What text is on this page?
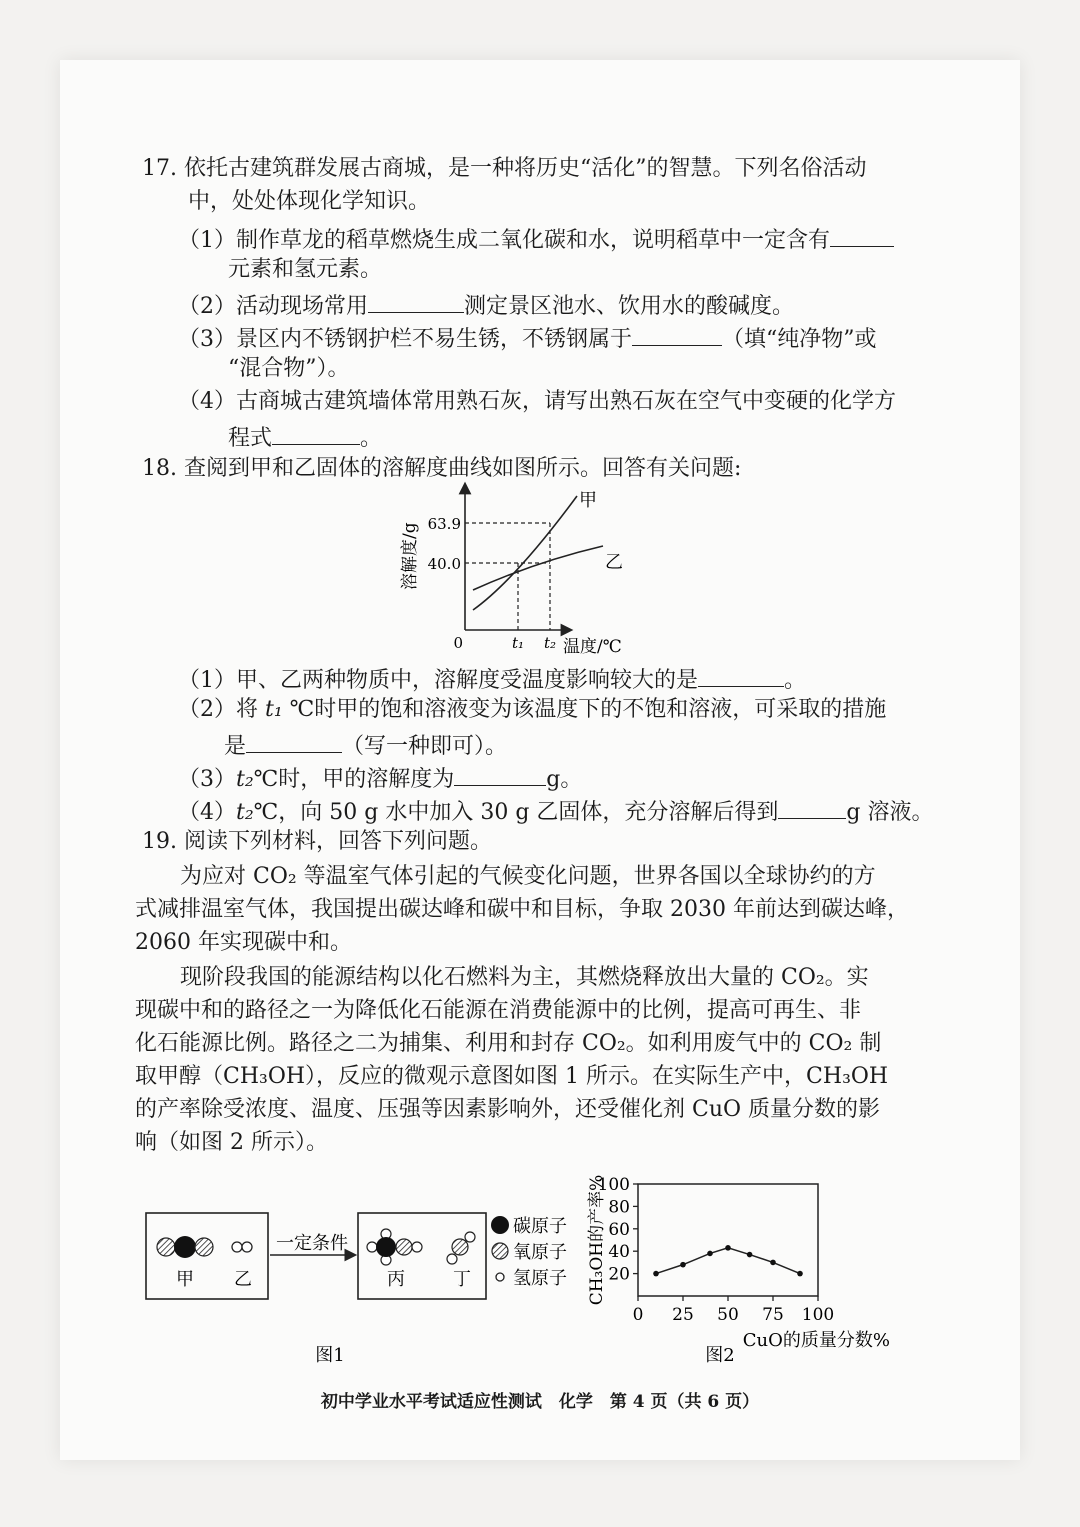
17. 依托古建筑群发展古商城，是一种将历史“活化”的智慧。下列名俗活动
中，处处体现化学知识。
（1）制作草龙的稻草燃烧生成二氧化碳和水，说明稻草中一定含有
元素和氢元素。
（2）活动现场常用	测定景区池水、饮用水的酸碱度。
（3）景区内不锈钢护栏不易生锈，不锈钢属于	（填“纯净物”或
“混合物”）。
（4）古商城古建筑墙体常用熟石灰，请写出熟石灰在空气中变硬的化学方
程式	。
18. 查阅到甲和乙固体的溶解度曲线如图所示。回答有关问题:
63.9
40.0
0	t₁ t₂ 温度/℃
溶解度/g
甲
乙
（1）甲、乙两种物质中，溶解度受温度影响较大的是	。
（2）将 t₁ ℃时甲的饱和溶液变为该温度下的不饱和溶液，可采取的措施
是	（写一种即可）。
（3）t₂℃时，甲的溶解度为	g。
（4）t₂℃，向 50 g 水中加入 30 g 乙固体，充分溶解后得到	g 溶液。
19. 阅读下列材料，回答下列问题。
为应对 CO₂ 等温室气体引起的气候变化问题，世界各国以全球协约的方
式减排温室气体，我国提出碳达峰和碳中和目标，争取 2030 年前达到碳达峰，
2060 年实现碳中和。
现阶段我国的能源结构以化石燃料为主，其燃烧释放出大量的 CO₂。实
现碳中和的路径之一为降低化石能源在消费能源中的比例，提高可再生、非
化石能源比例。路径之二为捕集、利用和封存 CO₂。如利用废气中的 CO₂ 制
取甲醇（CH₃OH），反应的微观示意图如图 1 所示。在实际生产中，CH₃OH
的产率除受浓度、温度、压强等因素影响外，还受催化剂 CuO 质量分数的影
响（如图 2 所示）。
甲 乙
一定条件
丙	丁
碳原子
氧原子
氢原子
图1
20
40
60
80
100
0 25 50 75 100
CuO的质量分数%
CH₃OH的产率%
图2
初中学业水平考试适应性测试　化学　第 4 页（共 6 页）
